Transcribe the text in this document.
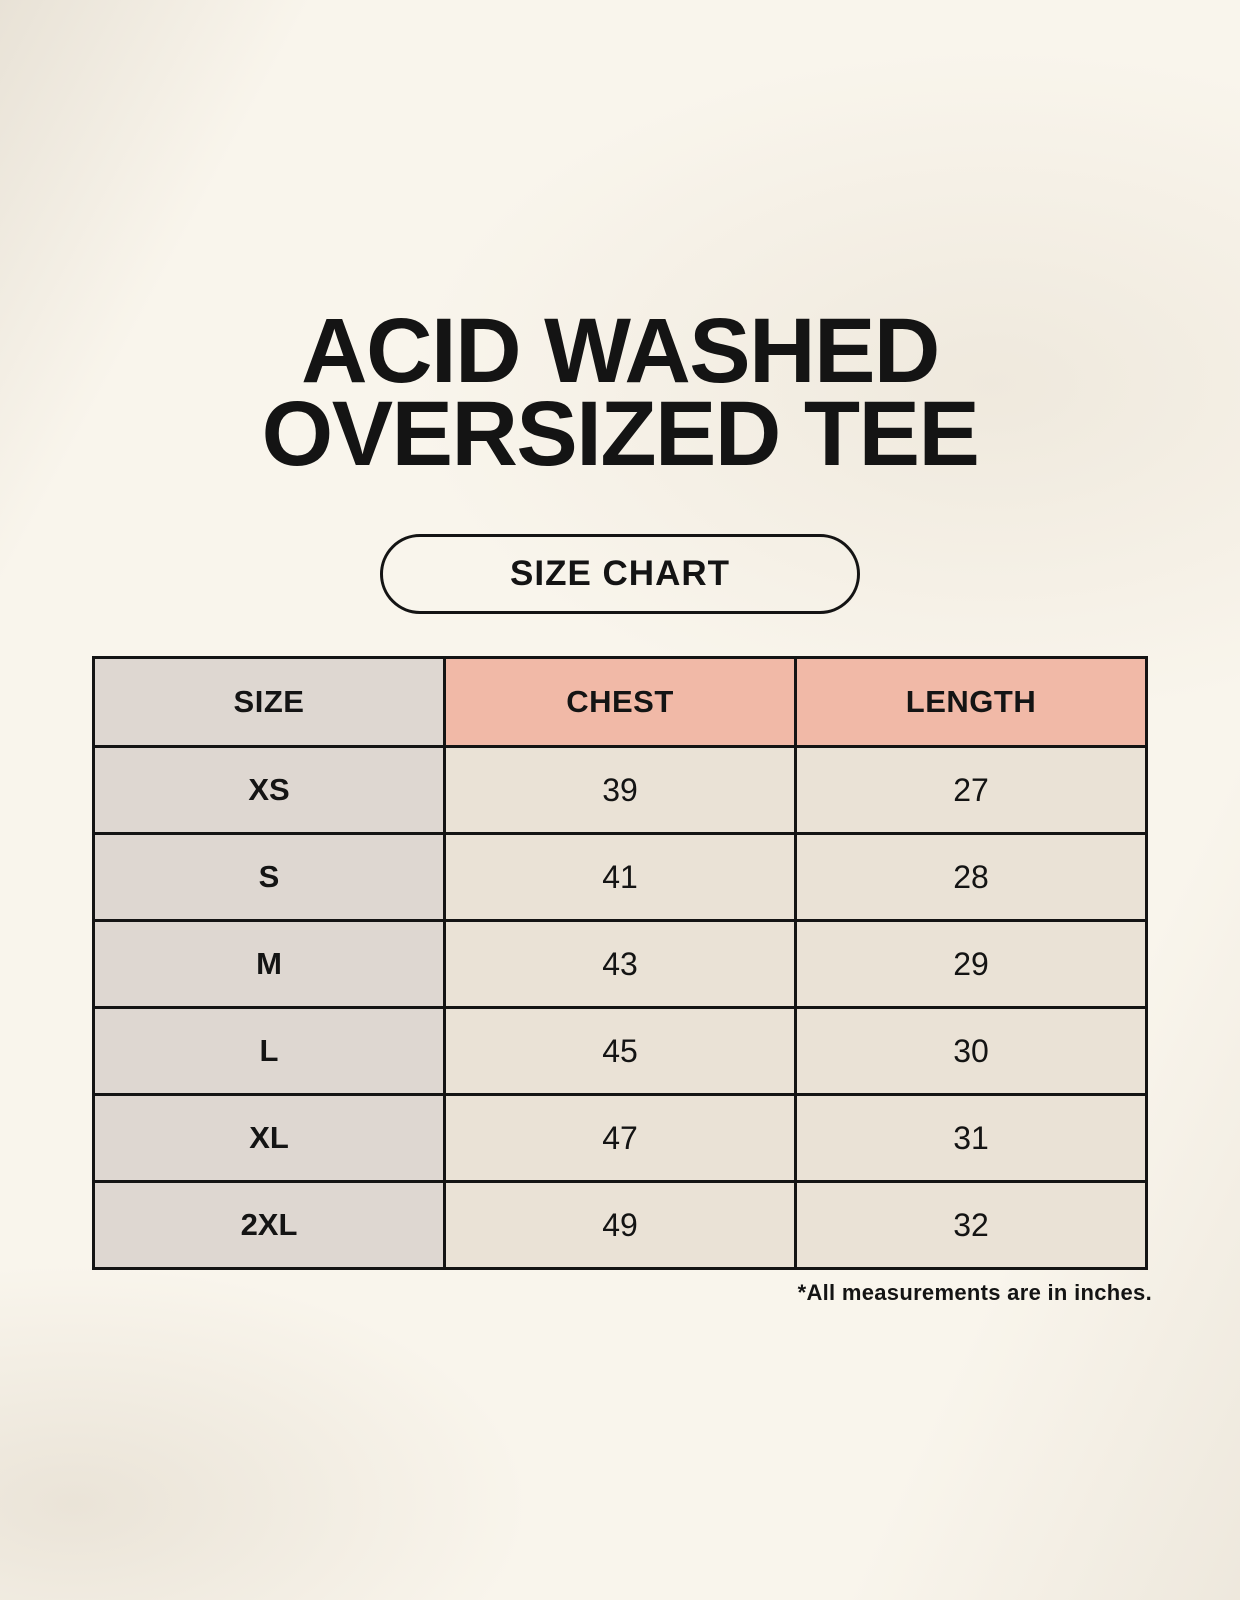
ACID WASHED
OVERSIZED TEE
SIZE CHART
SIZE	CHEST	LENGTH
XS	39	27
S	41	28
M	43	29
L	45	30
XL	47	31
2XL	49	32

*All measurements are in inches.
